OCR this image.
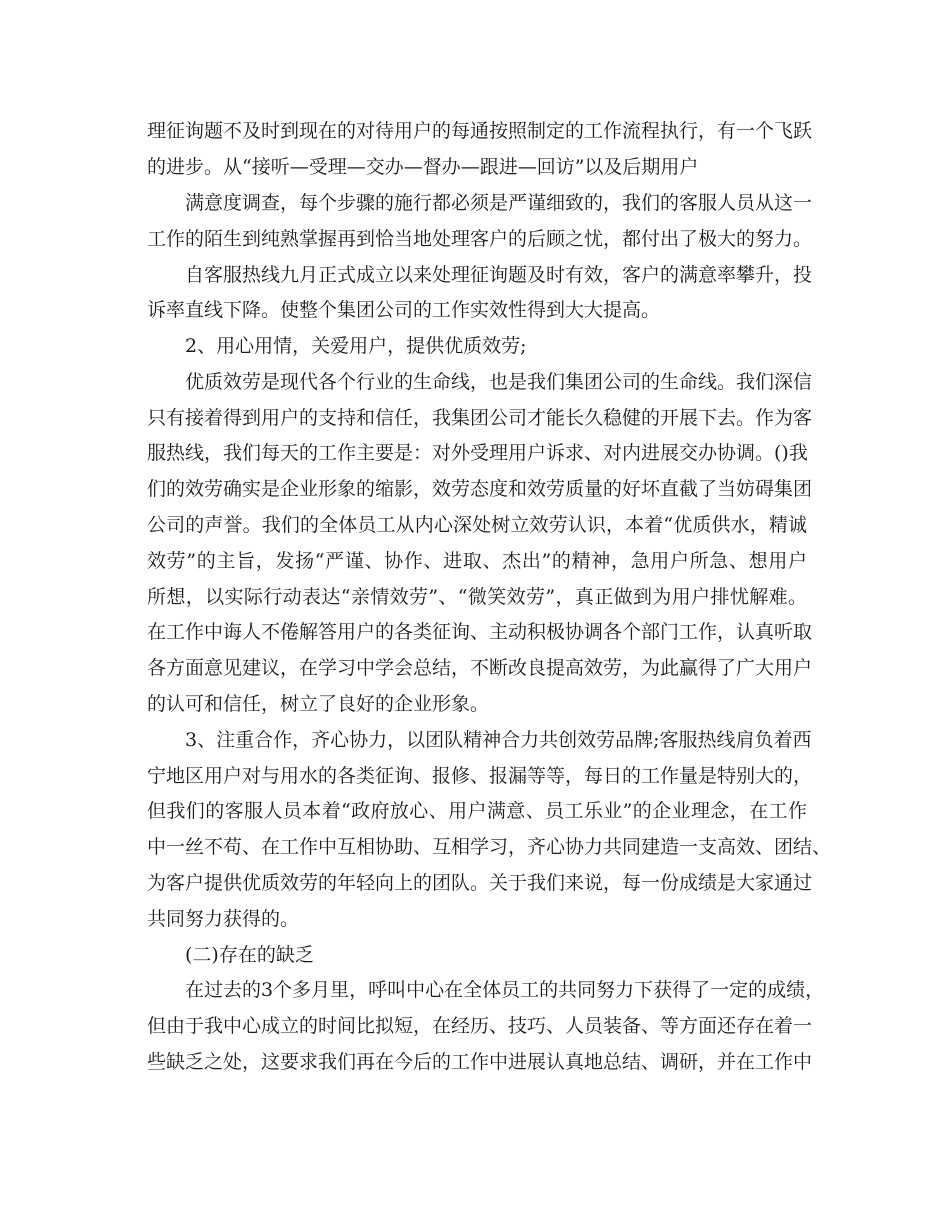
理征询题不及时到现在的对待用户的每通按照制定的工作流程执行，有一个飞跃
的进步。从“接听—受理—交办—督办—跟进—回访”以及后期用户
满意度调查，每个步骤的施行都必须是严谨细致的，我们的客服人员从这一
工作的陌生到纯熟掌握再到恰当地处理客户的后顾之忧，都付出了极大的努力。
自客服热线九月正式成立以来处理征询题及时有效，客户的满意率攀升，投
诉率直线下降。使整个集团公司的工作实效性得到大大提高。
2、用心用情，关爱用户，提供优质效劳;
优质效劳是现代各个行业的生命线，也是我们集团公司的生命线。我们深信
只有接着得到用户的支持和信任，我集团公司才能长久稳健的开展下去。作为客
服热线，我们每天的工作主要是：对外受理用户诉求、对内进展交办协调。()我
们的效劳确实是企业形象的缩影，效劳态度和效劳质量的好坏直截了当妨碍集团
公司的声誉。我们的全体员工从内心深处树立效劳认识，本着“优质供水，精诚
效劳”的主旨，发扬“严谨、协作、进取、杰出”的精神，急用户所急、想用户
所想，以实际行动表达“亲情效劳”、“微笑效劳”，真正做到为用户排忧解难。
在工作中诲人不倦解答用户的各类征询、主动积极协调各个部门工作，认真听取
各方面意见建议，在学习中学会总结，不断改良提高效劳，为此赢得了广大用户
的认可和信任，树立了良好的企业形象。
3、注重合作，齐心协力，以团队精神合力共创效劳品牌;客服热线肩负着西
宁地区用户对与用水的各类征询、报修、报漏等等，每日的工作量是特别大的，
但我们的客服人员本着“政府放心、用户满意、员工乐业”的企业理念，在工作
中一丝不苟、在工作中互相协助、互相学习，齐心协力共同建造一支高效、团结、
为客户提供优质效劳的年轻向上的团队。关于我们来说，每一份成绩是大家通过
共同努力获得的。
(二)存在的缺乏
在过去的3个多月里，呼叫中心在全体员工的共同努力下获得了一定的成绩，
但由于我中心成立的时间比拟短，在经历、技巧、人员装备、等方面还存在着一
些缺乏之处，这要求我们再在今后的工作中进展认真地总结、调研，并在工作中
